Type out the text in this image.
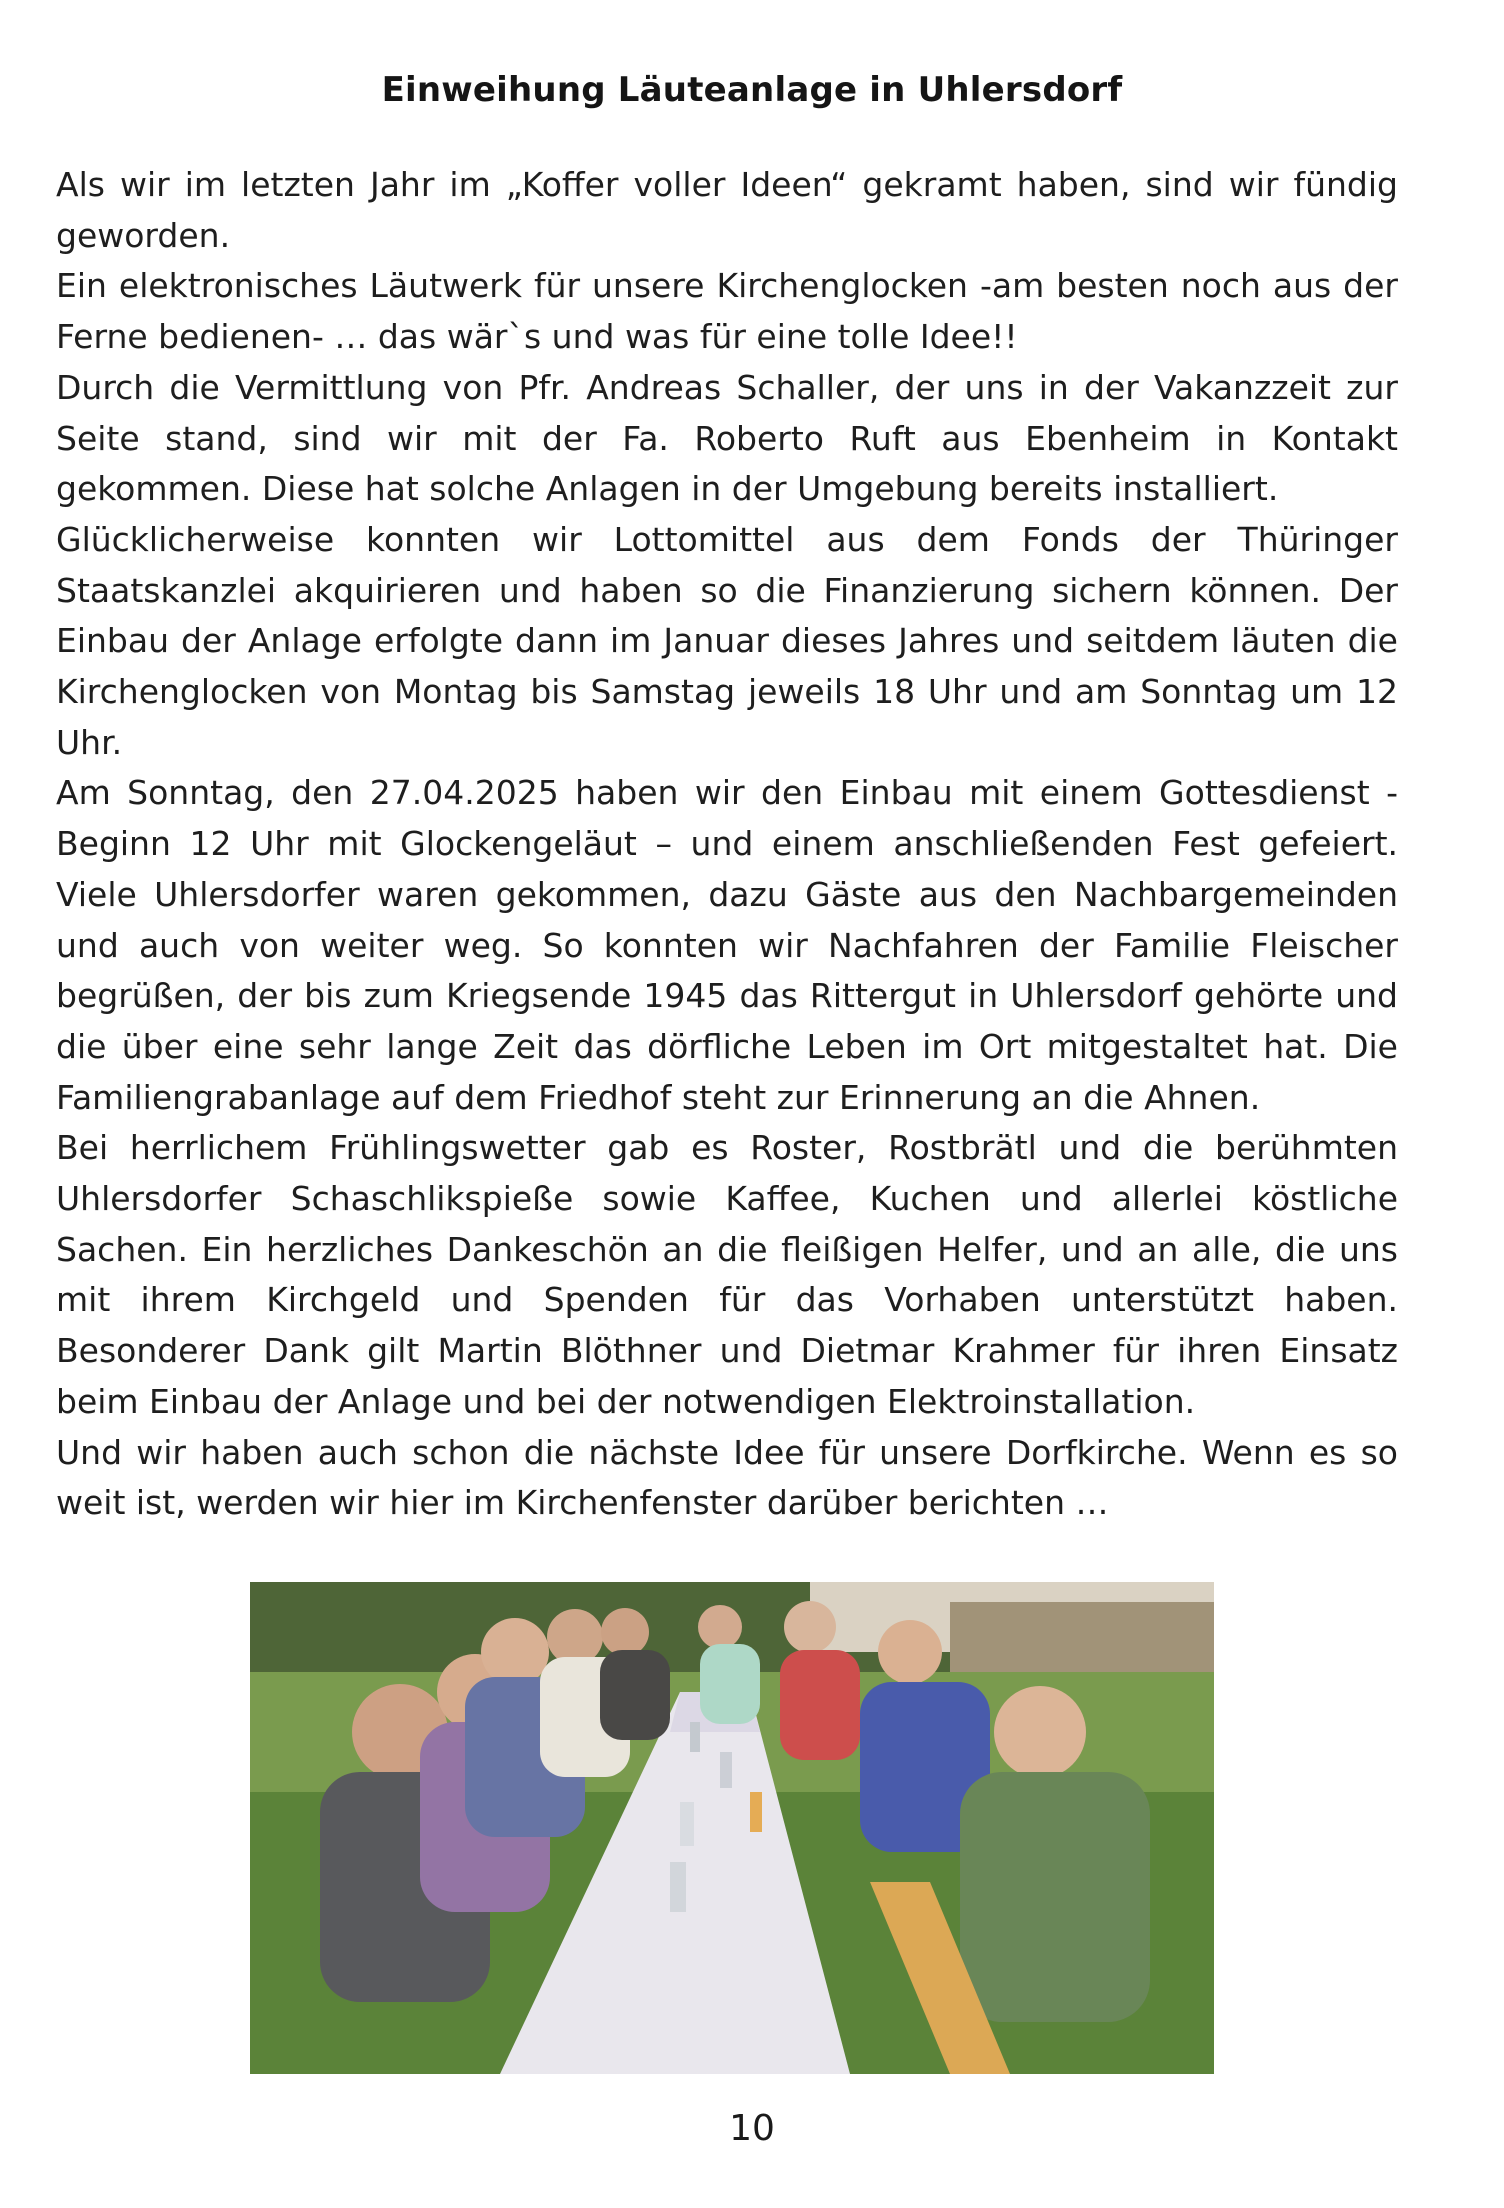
Einweihung Läuteanlage in Uhlersdorf

Als wir im letzten Jahr im „Koffer voller Ideen“ gekramt haben, sind wir fündig geworden.

Ein elektronisches Läutwerk für unsere Kirchenglocken -am besten noch aus der Ferne bedienen- … das wär`s und was für eine tolle Idee!!

Durch die Vermittlung von Pfr. Andreas Schaller, der uns in der Vakanzzeit zur Seite stand, sind wir mit der Fa. Roberto Ruft aus Ebenheim in Kontakt gekommen. Diese hat solche Anlagen in der Umgebung bereits installiert.

Glücklicherweise konnten wir Lottomittel aus dem Fonds der Thüringer Staatskanzlei akquirieren und haben so die Finanzierung sichern können. Der Einbau der Anlage erfolgte dann im Januar dieses Jahres und seitdem läuten die Kirchenglocken von Montag bis Samstag jeweils 18 Uhr und am Sonntag um 12 Uhr.

Am Sonntag, den 27.04.2025 haben wir den Einbau mit einem Gottesdienst - Beginn 12 Uhr mit Glockengeläut – und einem anschließenden Fest gefeiert. Viele Uhlersdorfer waren gekommen, dazu Gäste aus den Nachbargemeinden und auch von weiter weg. So konnten wir Nachfahren der Familie Fleischer begrüßen, der bis zum Kriegsende 1945 das Rittergut in Uhlersdorf gehörte und die über eine sehr lange Zeit das dörfliche Leben im Ort mitgestaltet hat. Die Familiengrabanlage auf dem Friedhof steht zur Erinnerung an die Ahnen.

Bei herrlichem Frühlingswetter gab es Roster, Rostbrätl und die berühmten Uhlersdorfer Schaschlikspieße sowie Kaffee, Kuchen und allerlei köstliche Sachen. Ein herzliches Dankeschön an die fleißigen Helfer, und an alle, die uns mit ihrem Kirchgeld und Spenden für das Vorhaben unterstützt haben. Besonderer Dank gilt Martin Blöthner und Dietmar Krahmer für ihren Einsatz beim Einbau der Anlage und bei der notwendigen Elektroinstallation.

Und wir haben auch schon die nächste Idee für unsere Dorfkirche. Wenn es so weit ist, werden wir hier im Kirchenfenster darüber berichten …

10
